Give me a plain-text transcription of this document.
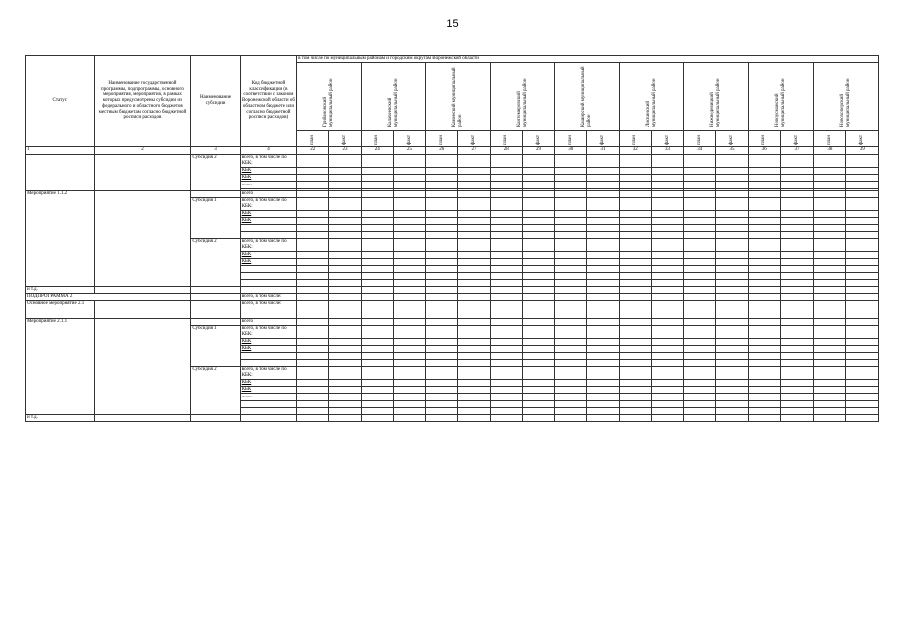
15
Статус	Наименование государственной программы, подпрограммы, основного мероприятия, мероприятия, в рамках которых предусмотрены субсидии из федерального и областного бюджетов местным бюджетам согласно бюджетной росписи расходов	Наименование субсидии	Код бюджетной классификации (в соответствии с законом Воронежской области об областном бюджете или согласно бюджетной росписи расходов)	в том числе по муниципальным районам и городским округам Воронежской области																	

				Грибановский муниципальный район		Калачеевский муниципальный район		Каменский муниципальный район		Кантемировский муниципальный район		Каширский муниципальный район		Лискинский муниципальный район		Нижнедевицкий муниципальный район		Новоусманский муниципальный район		Новохоперский муниципальный район	

				план	факт	план	факт	план	факт	план	факт	план	факт	план	факт	план	факт	план	факт	план	факт

1	2	3	4	22	23	24	25	26	27	28	29	30	31	32	33	34	35	36	37	38	39
		Субсидия 2	всего, в том числе по КБК:																		
			КБК																		
			КБК																		
			........																		

Мероприятие 1.1.2			всего																		
		Субсидия 1	всего, в том числе по КБК:																		
			КБК																		
			КБК																		

		Субсидия 2	всего, в том числе по КБК:																		
			КБК																		
			КБК																		

и т.д.																					
ПОДПРОГРАММА 2			всего, в том числе:																		
Основное мероприятие 2.1			всего, в том числе:																		
Мероприятие 2.1.1			всего																		
		Субсидия 1	всего, в том числе по КБК:																		
			КБК																		
			КБК																		

		Субсидия 2	всего, в том числе по КБК:																		
			КБК																		
			КБК																		
			........																		

и т.д.																					
